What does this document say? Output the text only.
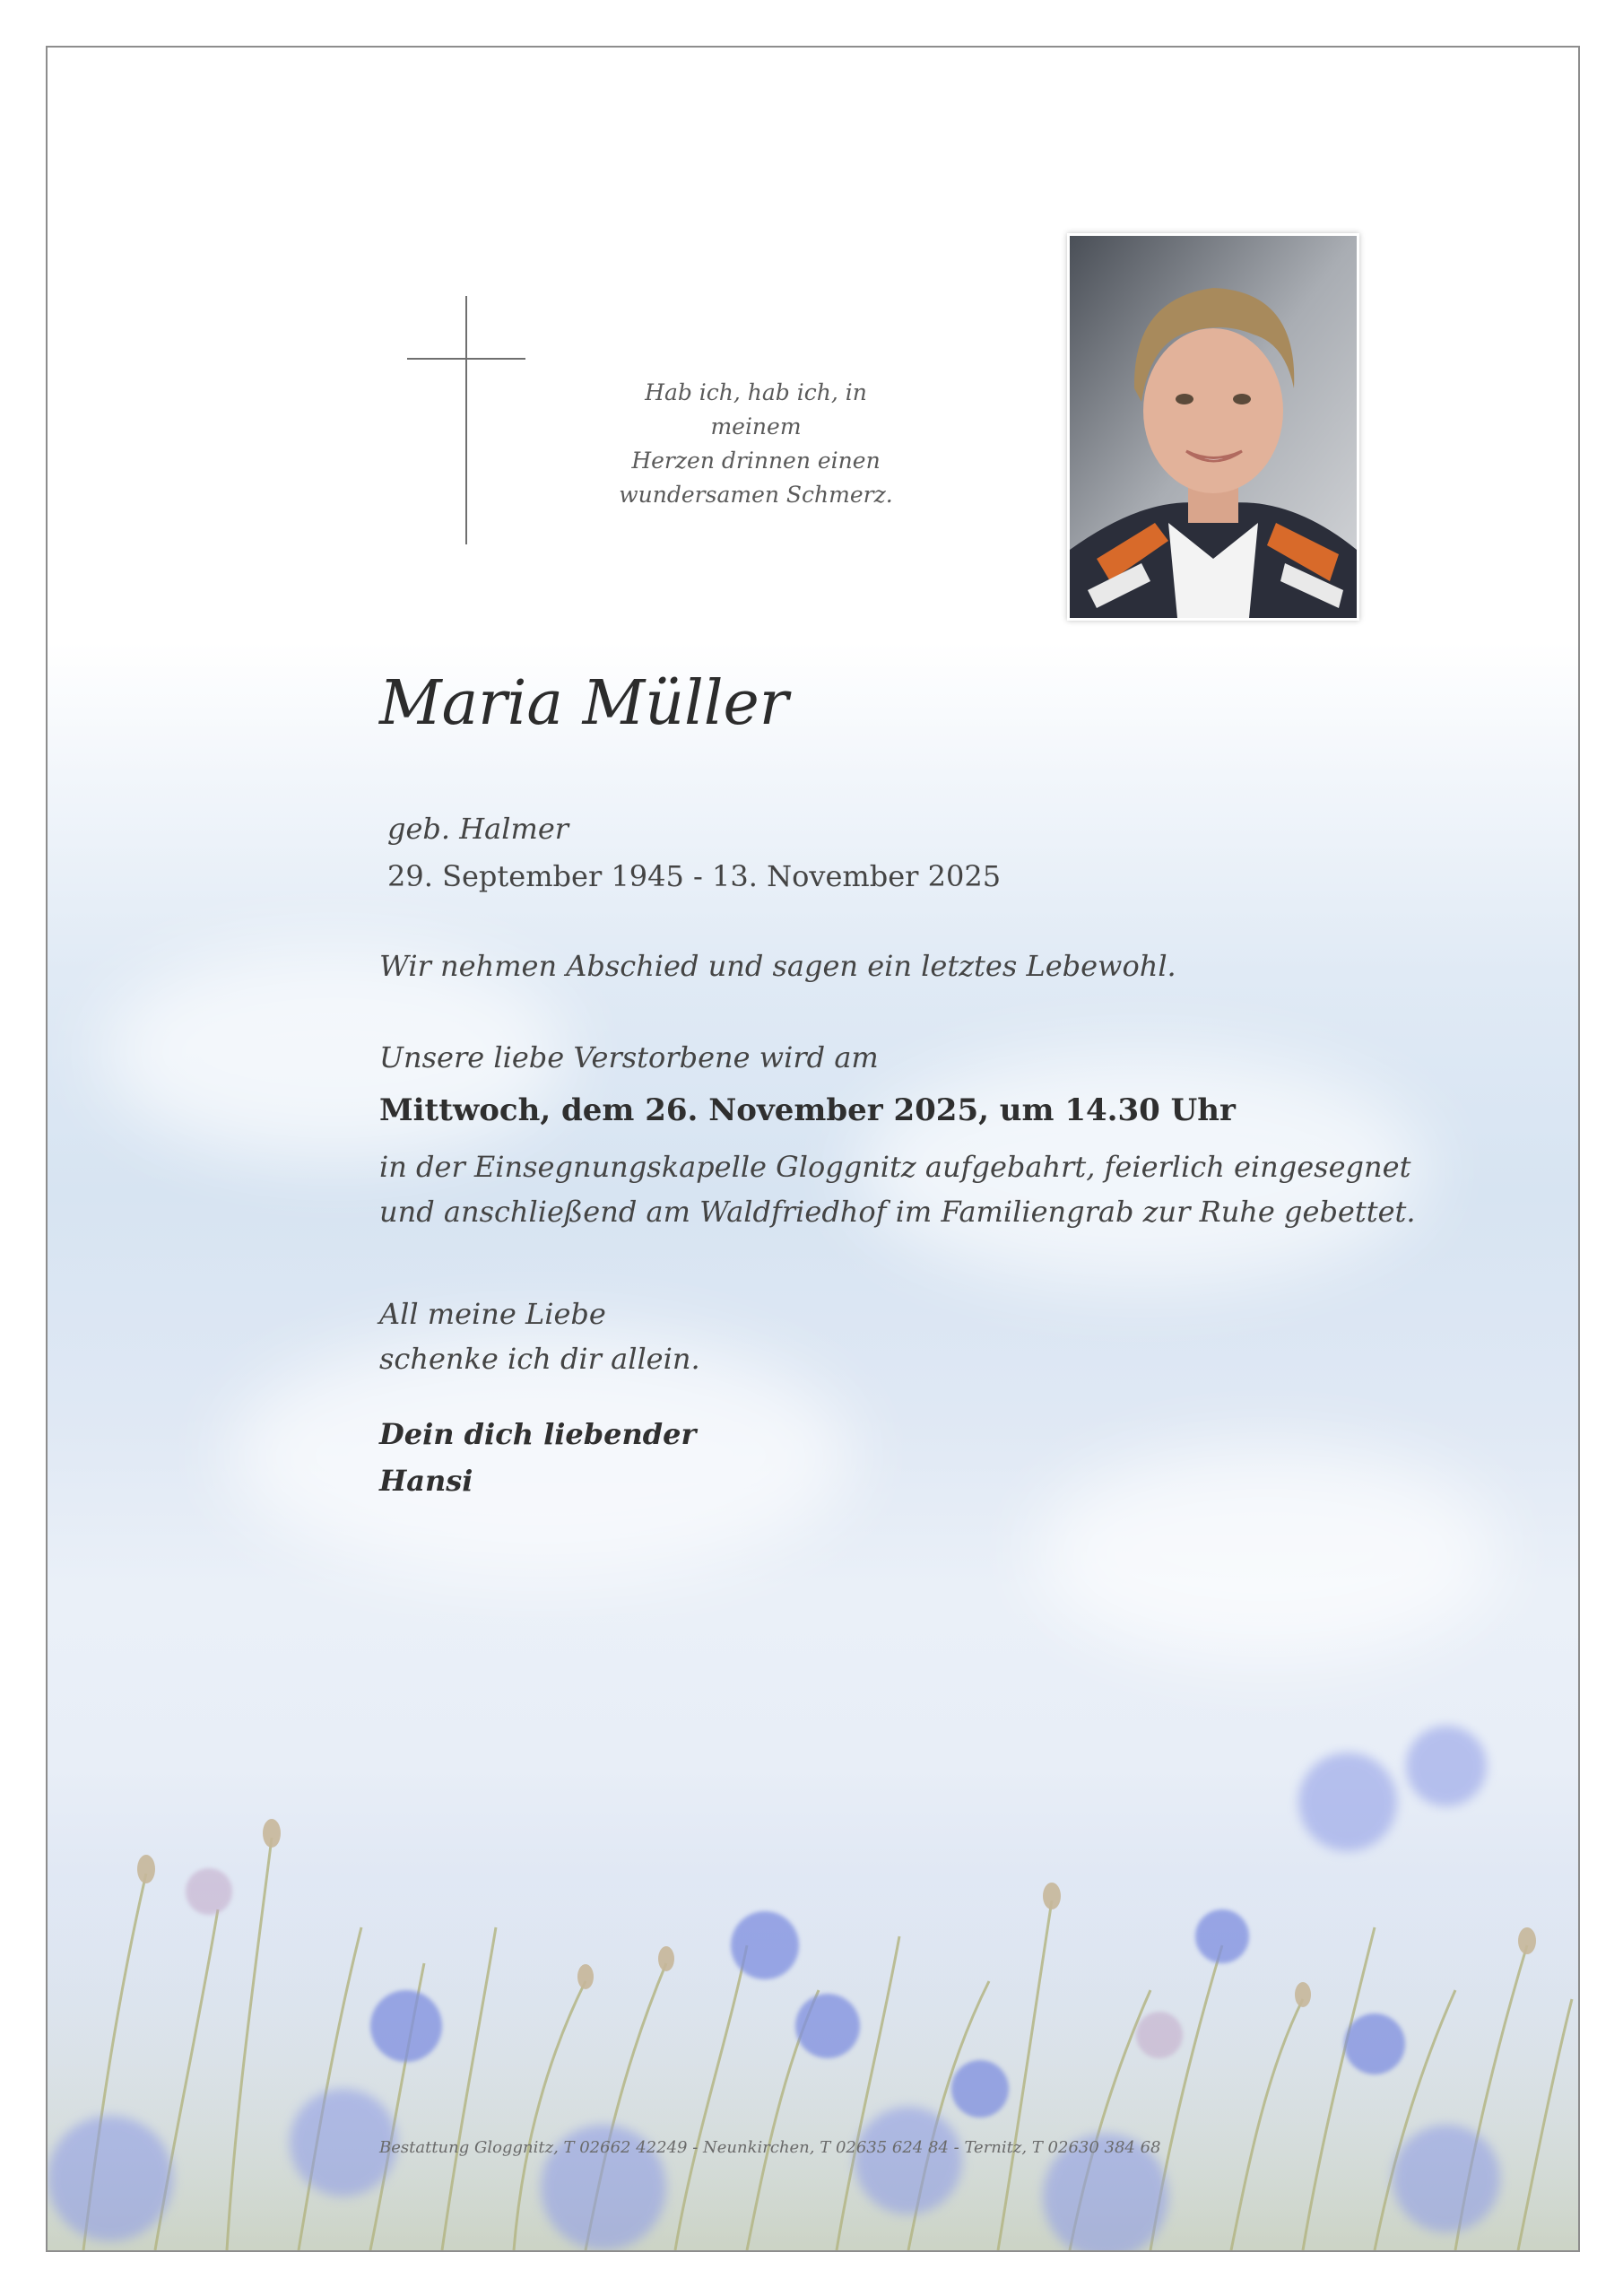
Hab ich, hab ich, in meinem
Herzen drinnen einen
wundersamen Schmerz.
Maria Müller
geb. Halmer
29. September 1945 - 13. November 2025
Wir nehmen Abschied und sagen ein letztes Lebewohl.
Unsere liebe Verstorbene wird am
Mittwoch, dem 26. November 2025, um 14.30 Uhr
in der Einsegnungskapelle Gloggnitz aufgebahrt, feierlich eingesegnet
und anschließend am Waldfriedhof im Familiengrab zur Ruhe gebettet.
All meine Liebe
schenke ich dir allein.
Dein dich liebender
Hansi
Bestattung Gloggnitz, T 02662 42249 - Neunkirchen, T 02635 624 84 - Ternitz, T 02630 384 68
